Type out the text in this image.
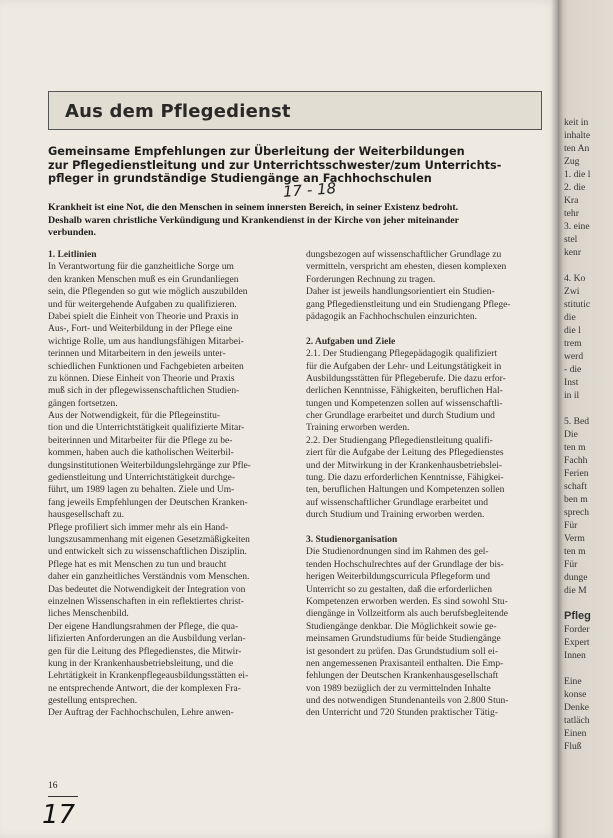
Aus dem Pflegedienst
Gemeinsame Empfehlungen zur Überleitung der Weiterbildungen
zur Pflegedienstleitung und zur Unterrichtsschwester/zum Unterrichts-
pfleger in grundständige Studiengänge an Fachhochschulen
17 - 18
Krankheit ist eine Not, die den Menschen in seinem innersten Bereich, in seiner Existenz bedroht.
Deshalb waren christliche Verkündigung und Krankendienst in der Kirche von jeher miteinander
verbunden.
1. Leitlinien
In Verantwortung für die ganzheitliche Sorge um
den kranken Menschen muß es ein Grundanliegen
sein, die Pflegenden so gut wie möglich auszubilden
und für weitergehende Aufgaben zu qualifizieren.
Dabei spielt die Einheit von Theorie und Praxis in
Aus-, Fort- und Weiterbildung in der Pflege eine
wichtige Rolle, um aus handlungsfähigen Mitarbei-
terinnen und Mitarbeitern in den jeweils unter-
schiedlichen Funktionen und Fachgebieten arbeiten
zu können. Diese Einheit von Theorie und Praxis
muß sich in der pflegewissenschaftlichen Studien-
gängen fortsetzen.
Aus der Notwendigkeit, für die Pflegeinstitu-
tion und die Unterrichtstätigkeit qualifizierte Mitar-
beiterinnen und Mitarbeiter für die Pflege zu be-
kommen, haben auch die katholischen Weiterbil-
dungsinstitutionen Weiterbildungslehrgänge zur Pfle-
gedienstleitung und Unterrichtstätigkeit durchge-
führt, um 1989 lagen zu behalten. Ziele und Um-
fang jeweils Empfehlungen der Deutschen Kranken-
hausgesellschaft zu.
Pflege profiliert sich immer mehr als ein Hand-
lungszusammenhang mit eigenen Gesetzmäßigkeiten
und entwickelt sich zu wissenschaftlichen Disziplin.
Pflege hat es mit Menschen zu tun und braucht
daher ein ganzheitliches Verständnis vom Menschen.
Das bedeutet die Notwendigkeit der Integration von
einzelnen Wissenschaften in ein reflektiertes christ-
liches Menschenbild.
Der eigene Handlungsrahmen der Pflege, die qua-
lifizierten Anforderungen an die Ausbildung verlan-
gen für die Leitung des Pflegedienstes, die Mitwir-
kung in der Krankenhausbetriebsleitung, und die
Lehrtätigkeit in Krankenpflegeausbildungsstätten ei-
ne entsprechende Antwort, die der komplexen Fra-
gestellung entsprechen.
Der Auftrag der Fachhochschulen, Lehre anwen-
dungsbezogen auf wissenschaftlicher Grundlage zu
vermitteln, verspricht am ehesten, diesen komplexen
Forderungen Rechnung zu tragen.
Daher ist jeweils handlungsorientiert ein Studien-
gang Pflegedienstleitung und ein Studiengang Pflege-
pädagogik an Fachhochschulen einzurichten.
2. Aufgaben und Ziele
2.1. Der Studiengang Pflegepädagogik qualifiziert
für die Aufgaben der Lehr- und Leitungstätigkeit in
Ausbildungsstätten für Pflegeberufe. Die dazu erfor-
derlichen Kenntnisse, Fähigkeiten, beruflichen Hal-
tungen und Kompetenzen sollen auf wissenschaftli-
cher Grundlage erarbeitet und durch Studium und
Training erworben werden.
2.2. Der Studiengang Pflegedienstleitung qualifi-
ziert für die Aufgabe der Leitung des Pflegedienstes
und der Mitwirkung in der Krankenhausbetriebslei-
tung. Die dazu erforderlichen Kenntnisse, Fähigkei-
ten, beruflichen Haltungen und Kompetenzen sollen
auf wissenschaftlicher Grundlage erarbeitet und
durch Studium und Training erworben werden.
3. Studienorganisation
Die Studienordnungen sind im Rahmen des gel-
tenden Hochschulrechtes auf der Grundlage der bis-
herigen Weiterbildungscurricula Pflegeform und
Unterricht so zu gestalten, daß die erforderlichen
Kompetenzen erworben werden. Es sind sowohl Stu-
diengänge in Vollzeitform als auch berufsbegleitende
Studiengänge denkbar. Die Möglichkeit sowie ge-
meinsamen Grundstudiums für beide Studiengänge
ist gesondert zu prüfen. Das Grundstudium soll ei-
nen angemessenen Praxisanteil enthalten. Die Emp-
fehlungen der Deutschen Krankenhausgesellschaft
von 1989 bezüglich der zu vermittelnden Inhalte
und des notwendigen Stundenanteils von 2.800 Stun-
den Unterricht und 720 Stunden praktischer Tätig-
16
17
keit in
inhalte
ten An
Zug
1. die l
2. die
Kra
tehr
3. eine
stel
kenr
4. Ko
Zwi
stitutic
die
die l
trem
werd
- die
Inst
in il
5. Bed
Die
ten m
Fachh
Ferien
schaft
ben m
sprech
Für
Verm
ten m
Für
dunge
die M
Pfleg
Forder
Expert
Innen
Eine
konse
Denke
tatläch
Einen
Fluß
